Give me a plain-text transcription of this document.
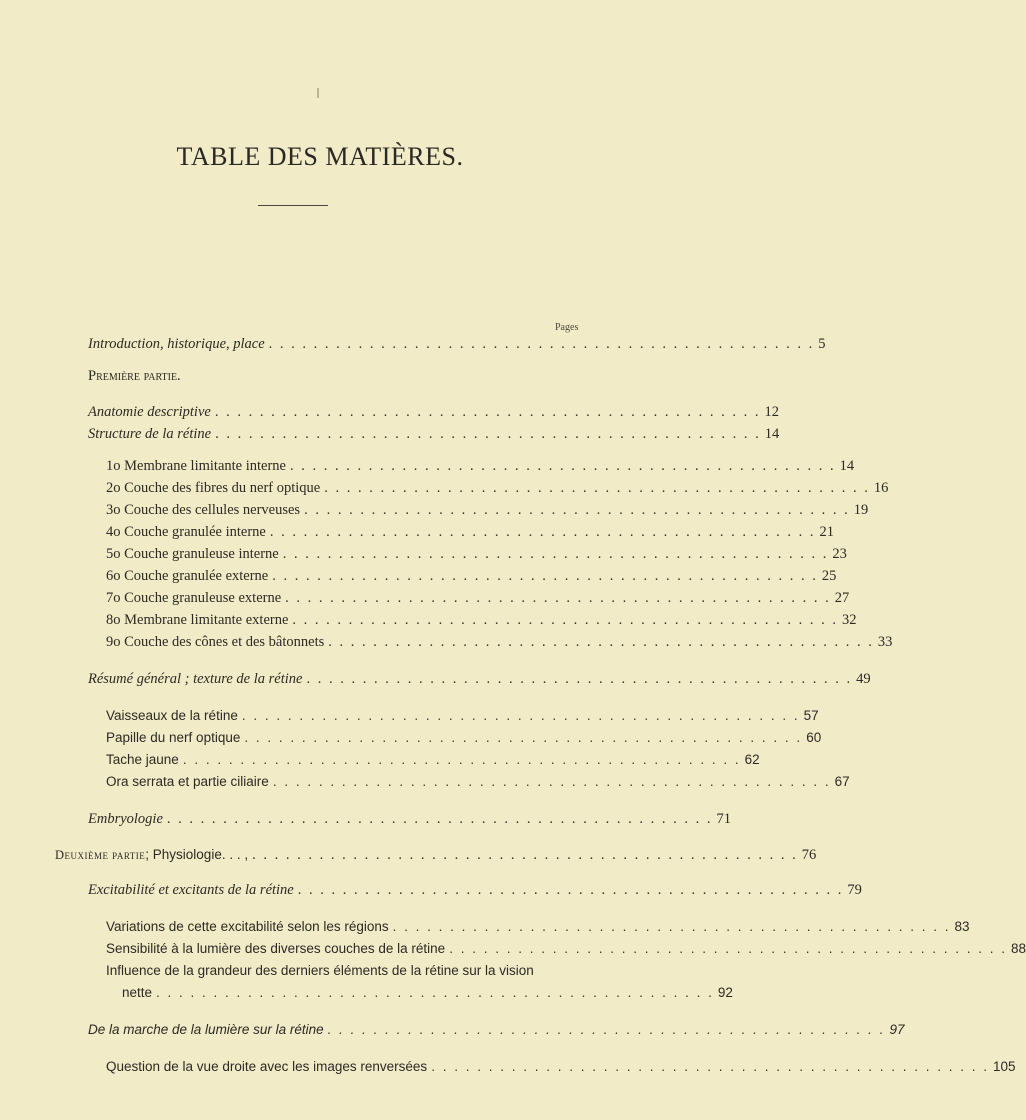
TABLE DES MATIÈRES.
Pages
Introduction, historique, place . . . . . . . . . . . . . . . . . . . . . . . . . . . . . . . . . . . . . . . . . . . . . . . . . 5
Première partie.
Anatomie descriptive . . . . . . . . . . . . . . . . . . . . . . . . . . . . . . . . . . . . . . . . . . . . . . . . . 12
Structure de la rétine . . . . . . . . . . . . . . . . . . . . . . . . . . . . . . . . . . . . . . . . . . . . . . . . . 14
1o Membrane limitante interne . . . . . . . . . . . . . . . . . . . . . . . . . . . . . . . . . . . . . . . . . . . . . . . . . 14
2o Couche des fibres du nerf optique . . . . . . . . . . . . . . . . . . . . . . . . . . . . . . . . . . . . . . . . . . . . . . . . . 16
3o Couche des cellules nerveuses . . . . . . . . . . . . . . . . . . . . . . . . . . . . . . . . . . . . . . . . . . . . . . . . . 19
4o Couche granulée interne . . . . . . . . . . . . . . . . . . . . . . . . . . . . . . . . . . . . . . . . . . . . . . . . . 21
5o Couche granuleuse interne . . . . . . . . . . . . . . . . . . . . . . . . . . . . . . . . . . . . . . . . . . . . . . . . . 23
6o Couche granulée externe . . . . . . . . . . . . . . . . . . . . . . . . . . . . . . . . . . . . . . . . . . . . . . . . . 25
7o Couche granuleuse externe . . . . . . . . . . . . . . . . . . . . . . . . . . . . . . . . . . . . . . . . . . . . . . . . . 27
8o Membrane limitante externe . . . . . . . . . . . . . . . . . . . . . . . . . . . . . . . . . . . . . . . . . . . . . . . . . 32
9o Couche des cônes et des bâtonnets . . . . . . . . . . . . . . . . . . . . . . . . . . . . . . . . . . . . . . . . . . . . . . . . . 33
Résumé général ; texture de la rétine . . . . . . . . . . . . . . . . . . . . . . . . . . . . . . . . . . . . . . . . . . . . . . . . . 49
Vaisseaux de la rétine . . . . . . . . . . . . . . . . . . . . . . . . . . . . . . . . . . . . . . . . . . . . . . . . . 57
Papille du nerf optique . . . . . . . . . . . . . . . . . . . . . . . . . . . . . . . . . . . . . . . . . . . . . . . . . 60
Tache jaune . . . . . . . . . . . . . . . . . . . . . . . . . . . . . . . . . . . . . . . . . . . . . . . . . 62
Ora serrata et partie ciliaire . . . . . . . . . . . . . . . . . . . . . . . . . . . . . . . . . . . . . . . . . . . . . . . . . 67
Embryologie . . . . . . . . . . . . . . . . . . . . . . . . . . . . . . . . . . . . . . . . . . . . . . . . . 71
Deuxième partie ; Physiologie. . . , . . . . . . . . . . . . . . . . . . . . . . . . . . . . . . . . . . . . . . . . . . . . . . . . . 76
Excitabilité et excitants de la rétine . . . . . . . . . . . . . . . . . . . . . . . . . . . . . . . . . . . . . . . . . . . . . . . . . 79
Variations de cette excitabilité selon les régions . . . . . . . . . . . . . . . . . . . . . . . . . . . . . . . . . . . . . . . . . . . . . . . . . 83
Sensibilité à la lumière des diverses couches de la rétine . . . . . . . . . . . . . . . . . . . . . . . . . . . . . . . . . . . . . . . . . . . . . . . . . 88
Influence de la grandeur des derniers éléments de la rétine sur la vision
nette . . . . . . . . . . . . . . . . . . . . . . . . . . . . . . . . . . . . . . . . . . . . . . . . . 92
De la marche de la lumière sur la rétine . . . . . . . . . . . . . . . . . . . . . . . . . . . . . . . . . . . . . . . . . . . . . . . . . 97
Question de la vue droite avec les images renversées . . . . . . . . . . . . . . . . . . . . . . . . . . . . . . . . . . . . . . . . . . . . . . . . . 105
